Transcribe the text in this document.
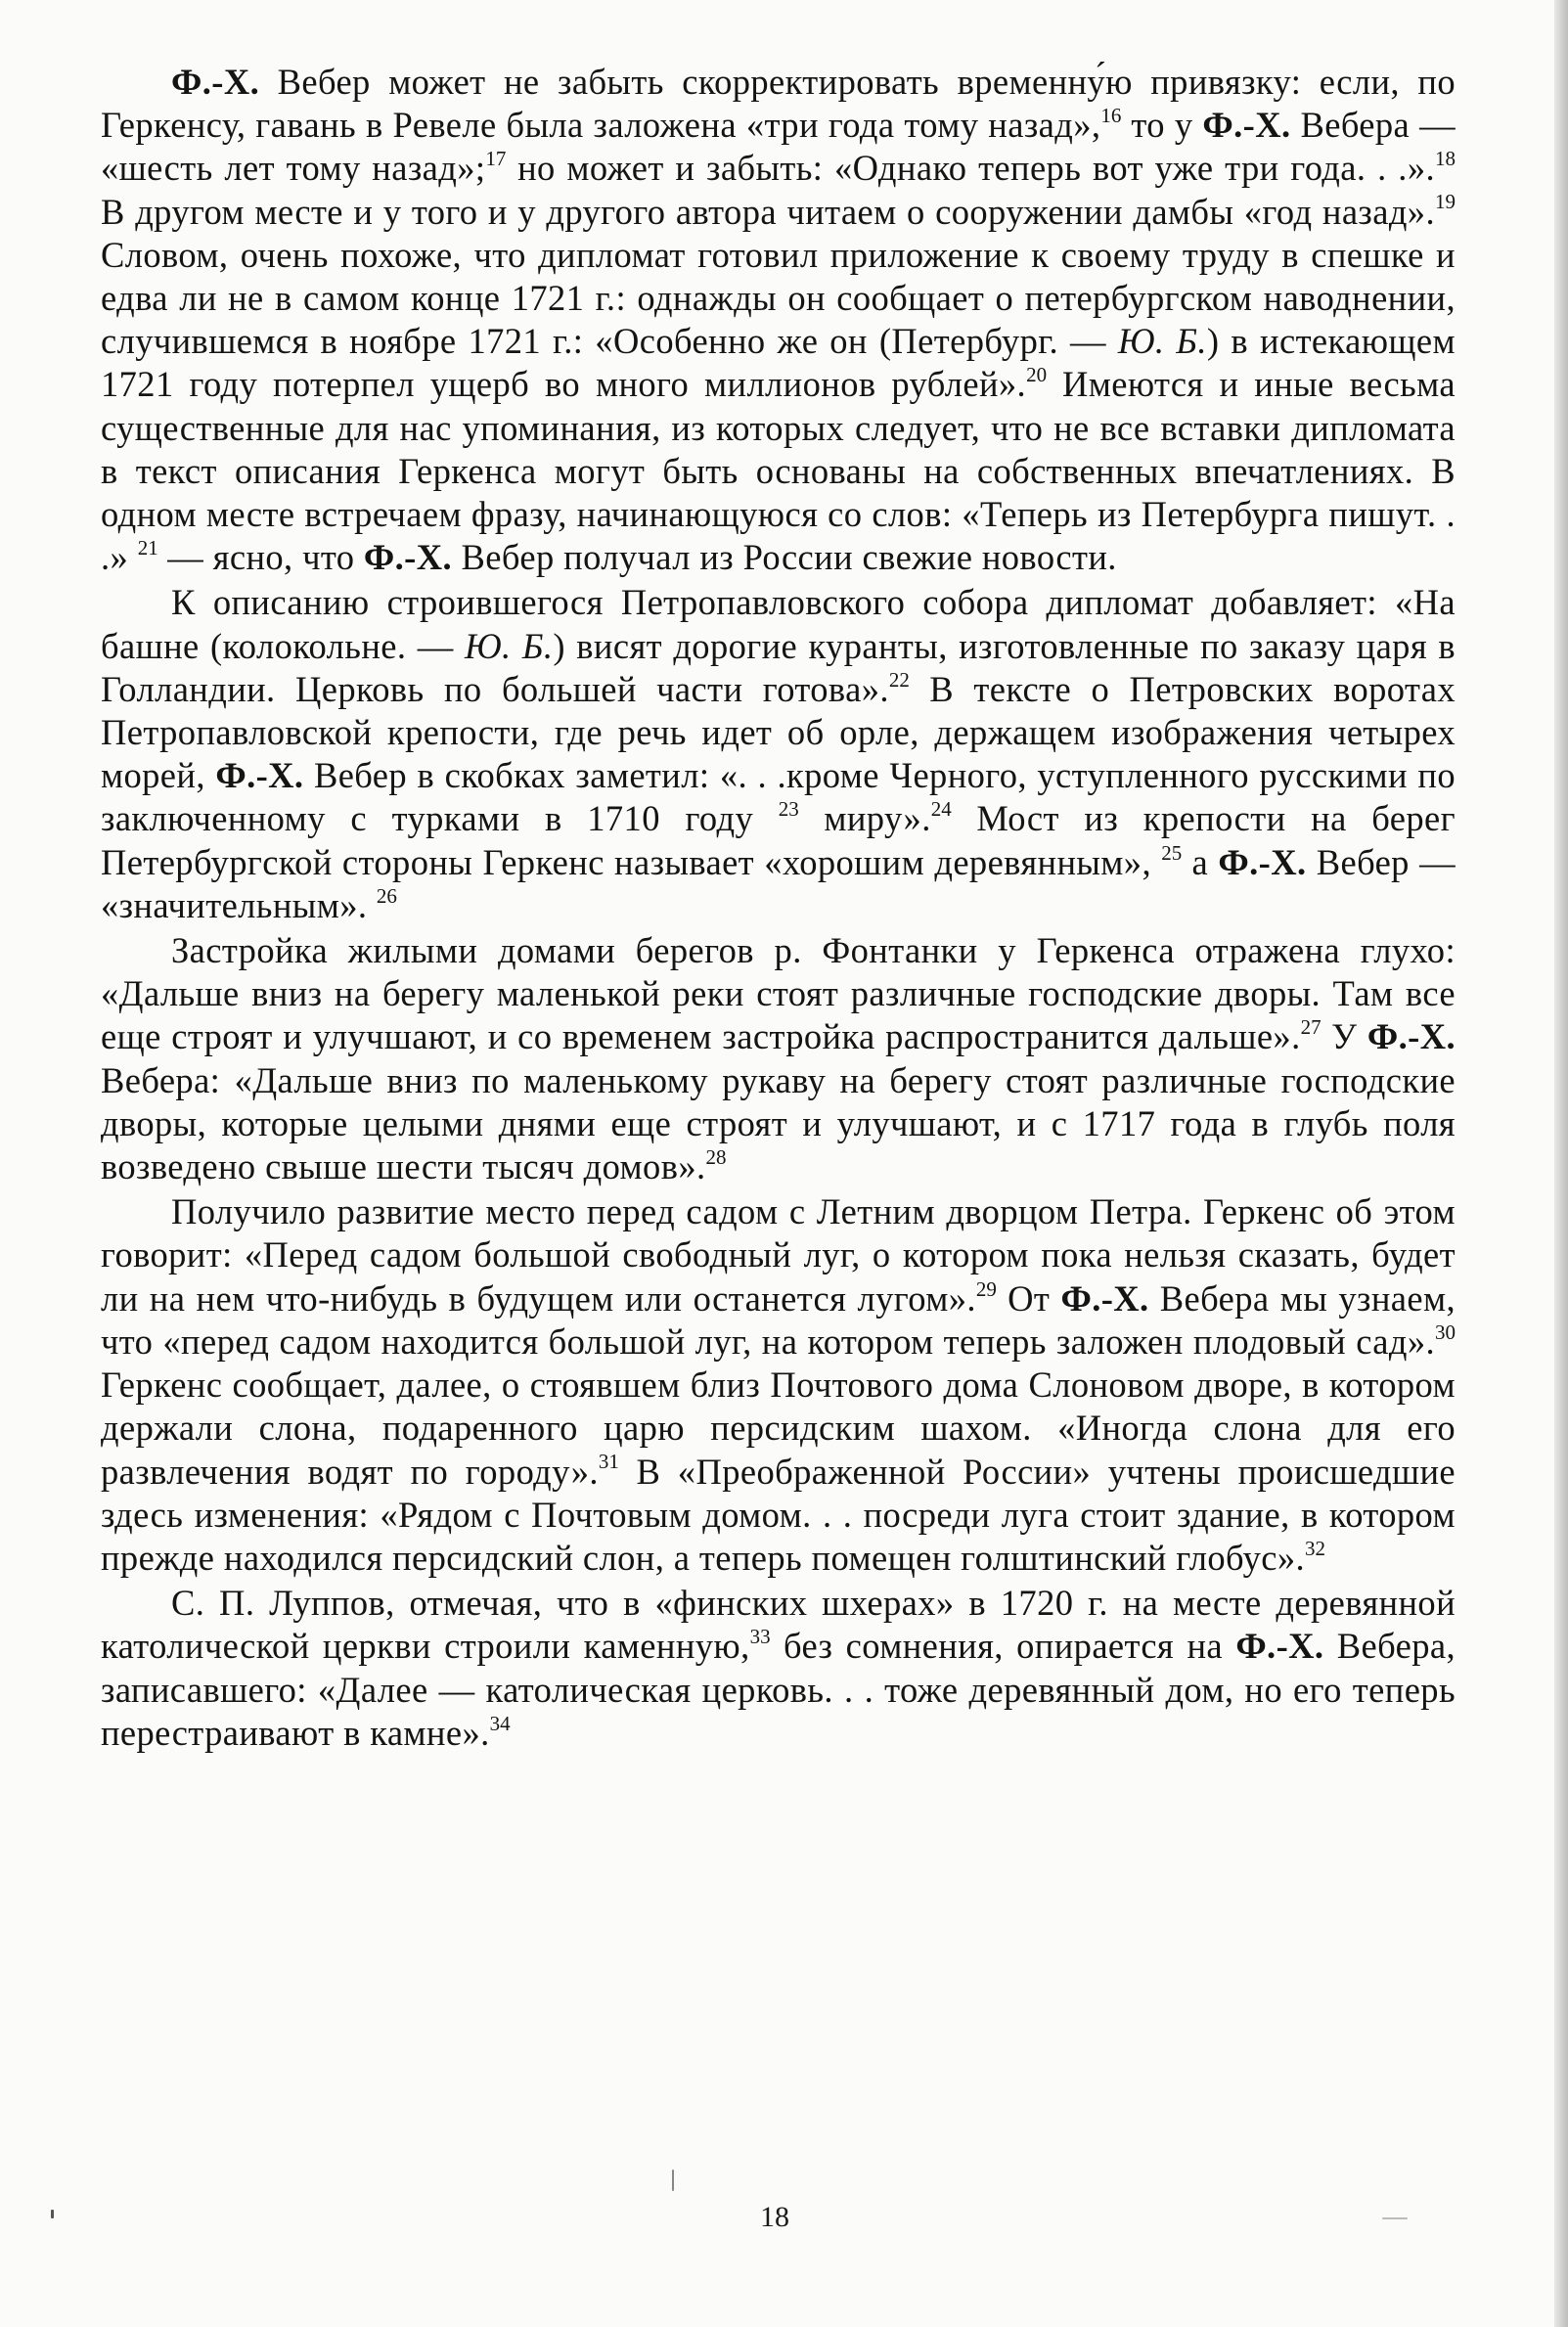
Ф.-Х. Вебер может не забыть скорректировать временну́ю привязку: если, по Геркенсу, гавань в Ревеле была заложена «три года тому назад»,$^{16}$ то у Ф.-Х. Вебера — «шесть лет тому назад»;$^{17}$ но может и забыть: «Однако теперь вот уже три года. . .».$^{18}$ В другом месте и у того и у другого автора читаем о сооружении дамбы «год назад».$^{19}$ Словом, очень похоже, что дипломат готовил приложение к своему труду в спешке и едва ли не в самом конце 1721 г.: однажды он сообщает о петербургском наводнении, случившемся в ноябре 1721 г.: «Особенно же он (Петербург. — Ю. Б.) в истекающем 1721 году потерпел ущерб во много миллионов рублей».$^{20}$ Имеются и иные весьма существенные для нас упоминания, из которых следует, что не все вставки дипломата в текст описания Геркенса могут быть основаны на собственных впечатлениях. В одном месте встречаем фразу, начинающуюся со слов: «Теперь из Петербурга пишут. . .» $^{21}$ — ясно, что Ф.-Х. Вебер получал из России свежие новости.

К описанию строившегося Петропавловского собора дипломат добавляет: «На башне (колокольне. — Ю. Б.) висят дорогие куранты, изготовленные по заказу царя в Голландии. Церковь по большей части готова».$^{22}$ В тексте о Петровских воротах Петропавловской крепости, где речь идет об орле, держащем изображения четырех морей, Ф.-Х. Вебер в скобках заметил: «. . .кроме Черного, уступленного русскими по заключенному с турками в 1710 году $^{23}$ миру».$^{24}$ Мост из крепости на берег Петербургской стороны Геркенс называет «хорошим деревянным», $^{25}$ а Ф.-Х. Вебер — «значительным». $^{26}$

Застройка жилыми домами берегов р. Фонтанки у Геркенса отражена глухо: «Дальше вниз на берегу маленькой реки стоят различные господские дворы. Там все еще строят и улучшают, и со временем застройка распространится дальше».$^{27}$ У Ф.-Х. Вебера: «Дальше вниз по маленькому рукаву на берегу стоят различные господские дворы, которые целыми днями еще строят и улучшают, и с 1717 года в глубь поля возведено свыше шести тысяч домов».$^{28}$

Получило развитие место перед садом с Летним дворцом Петра. Геркенс об этом говорит: «Перед садом большой свободный луг, о котором пока нельзя сказать, будет ли на нем что-нибудь в будущем или останется лугом».$^{29}$ От Ф.-Х. Вебера мы узнаем, что «перед садом находится большой луг, на котором теперь заложен плодовый сад».$^{30}$ Геркенс сообщает, далее, о стоявшем близ Почтового дома Слоновом дворе, в котором держали слона, подаренного царю персидским шахом. «Иногда слона для его развлечения водят по городу».$^{31}$ В «Преображенной России» учтены происшедшие здесь изменения: «Рядом с Почтовым домом. . . посреди луга стоит здание, в котором прежде находился персидский слон, а теперь помещен голштинский глобус».$^{32}$

С. П. Луппов, отмечая, что в «финских шхерах» в 1720 г. на месте деревянной католической церкви строили каменную,$^{33}$ без сомнения, опирается на Ф.-Х. Вебера, записавшего: «Далее — католическая церковь. . . тоже деревянный дом, но его теперь перестраивают в камне».$^{34}$

18
